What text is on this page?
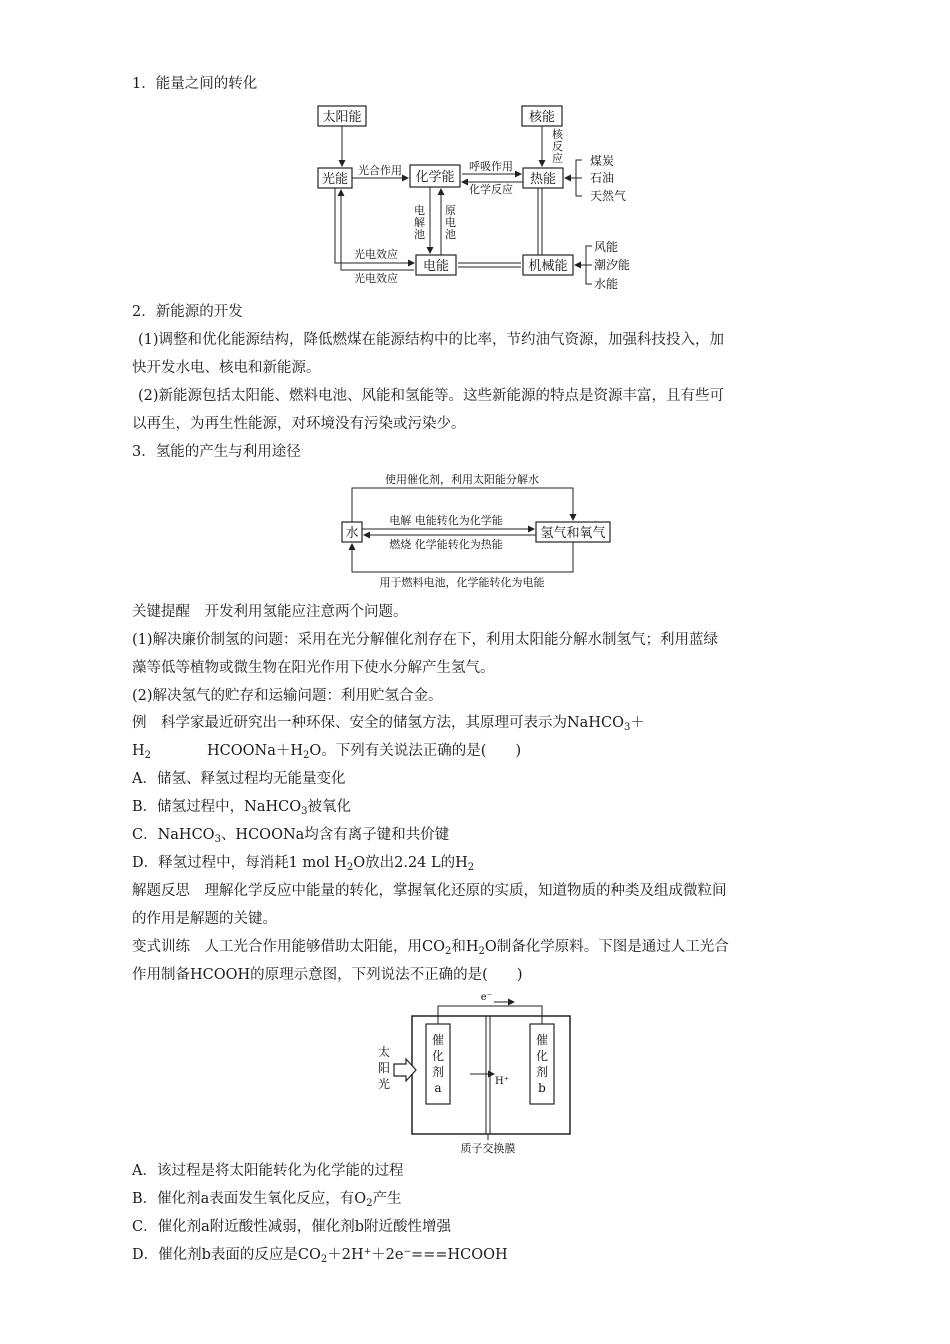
1．能量之间的转化
太阳能	核能
光能	化学能	热能
电能	机械能
光合作用	呼吸作用
化学反应
核
反
应
电
解
池
原
电
池
光电效应
光电效应
煤炭
石油
天然气
风能
潮汐能
水能
2．新能源的开发
(1)调整和优化能源结构，降低燃煤在能源结构中的比率，节约油气资源，加强科技投入，加
快开发水电、核电和新能源。
(2)新能源包括太阳能、燃料电池、风能和氢能等。这些新能源的特点是资源丰富，且有些可
以再生，为再生性能源，对环境没有污染或污染少。
3．氢能的产生与利用途径
水	氢气和氧气
使用催化剂，利用太阳能分解水
电解 电能转化为化学能
燃烧 化学能转化为热能
用于燃料电池，化学能转化为电能
关键提醒　开发利用氢能应注意两个问题。
(1)解决廉价制氢的问题：采用在光分解催化剂存在下，利用太阳能分解水制氢气；利用蓝绿
藻等低等植物或微生物在阳光作用下使水分解产生氢气。
(2)解决氢气的贮存和运输问题：利用贮氢合金。
例　科学家最近研究出一种环保、安全的储氢方法，其原理可表示为NaHCO$_3$＋
$H_2$	$HCOONa+H_2O$。下列有关说法正确的是(　　)
A．储氢、释氢过程均无能量变化
B．储氢过程中，NaHCO$_3$被氧化
C．NaHCO$_3$、HCOONa均含有离子键和共价键
D．释氢过程中，每消耗1 mol $H_2O$放出2.24 L的$H_2$
解题反思　理解化学反应中能量的转化，掌握氧化还原的实质，知道物质的种类及组成微粒间
的作用是解题的关键。
变式训练　人工光合作用能够借助太阳能，用$CO_2$和$H_2O$制备化学原料。下图是通过人工光合
作用制备HCOOH的原理示意图，下列说法不正确的是(　　)
太
阳
光
e⁻
H⁺
催
化
剂
a
催
化
剂
b
质子交换膜
A．该过程是将太阳能转化为化学能的过程
B．催化剂a表面发生氧化反应，有$O_2$产生
C．催化剂a附近酸性减弱，催化剂b附近酸性增强
D．催化剂b表面的反应是$CO_2+2H^++2e^-===HCOOH$
